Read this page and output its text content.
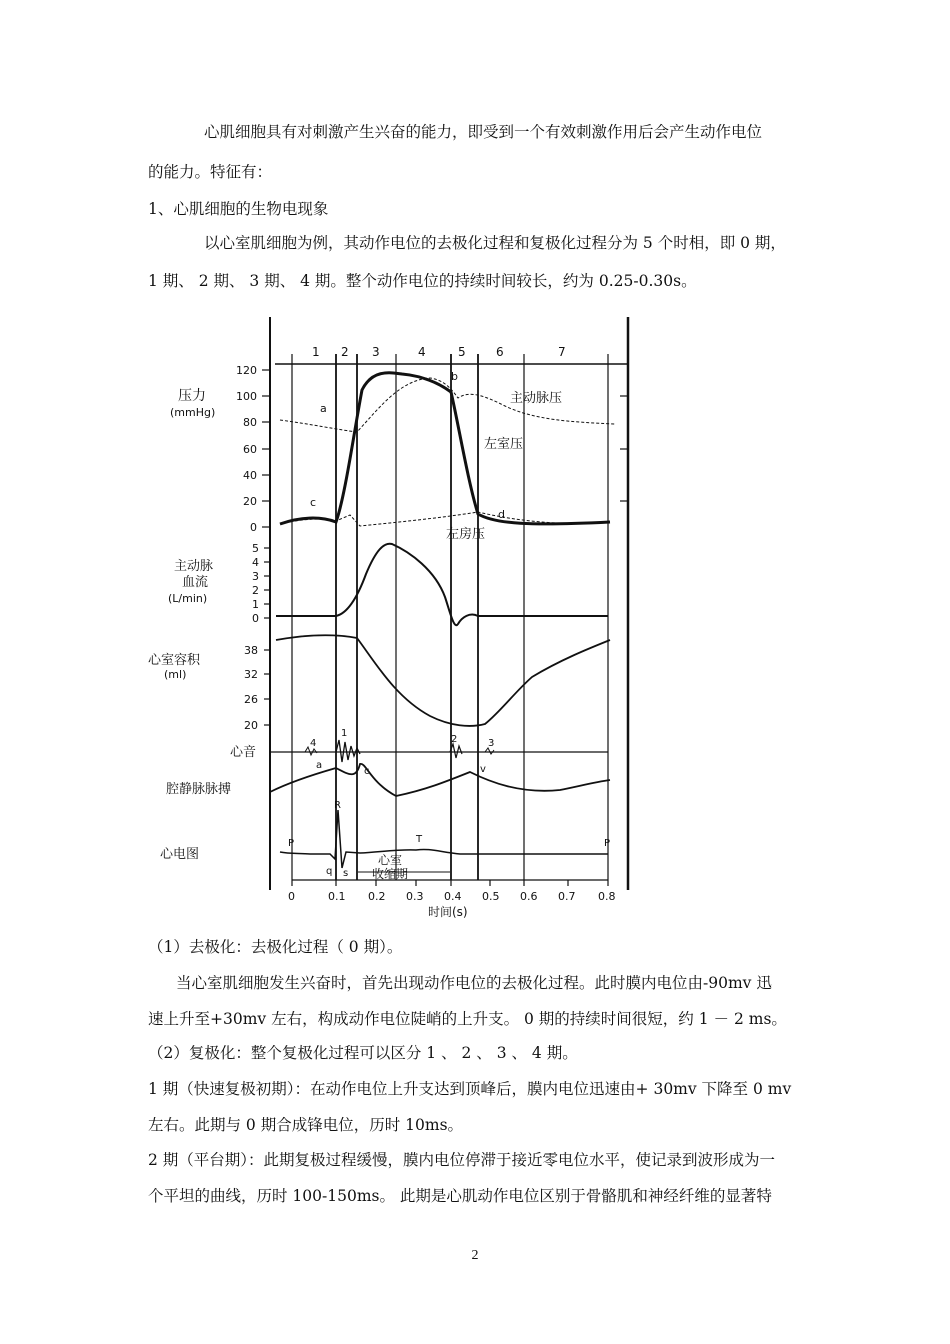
心肌细胞具有对刺激产生兴奋的能力，即受到一个有效刺激作用后会产生动作电位
的能力。特征有：
1、心肌细胞的生物电现象
以心室肌细胞为例，其动作电位的去极化过程和复极化过程分为 5 个时相，即 0 期，
1 期、 2 期、 3 期、 4 期。整个动作电位的持续时间较长，约为 0.25-0.30s。
1 2 3	4	5	6	7
压力
(mmHg)
120
100
80
60
40
20
0
主动脉压
左室压
左房压
a
b
c
d
主动脉
血流
(L/min)
5
4
3
2
1
0
心室容积
(ml)
38
32
26
20
心音
4
1
2	3
腔静脉脉搏
a
c	v
心电图
P
R
q s
T	P
心室
收缩期
0	0.1 0.2 0.3 0.4 0.5 0.6 0.7 0.8
时间(s)
（1）去极化：去极化过程（ 0 期）。
当心室肌细胞发生兴奋时，首先出现动作电位的去极化过程。此时膜内电位由-90mv 迅
速上升至+30mv 左右，构成动作电位陡峭的上升支。 0 期的持续时间很短，约 1 － 2 ms。
（2）复极化：整个复极化过程可以区分 1 、 2 、 3 、 4 期。
1 期（快速复极初期）：在动作电位上升支达到顶峰后，膜内电位迅速由+ 30mv 下降至 0 mv
左右。此期与 0 期合成锋电位，历时 10ms。
2 期（平台期）：此期复极过程缓慢，膜内电位停滞于接近零电位水平，使记录到波形成为一
个平坦的曲线，历时 100-150ms。 此期是心肌动作电位区别于骨骼肌和神经纤维的显著特
2
